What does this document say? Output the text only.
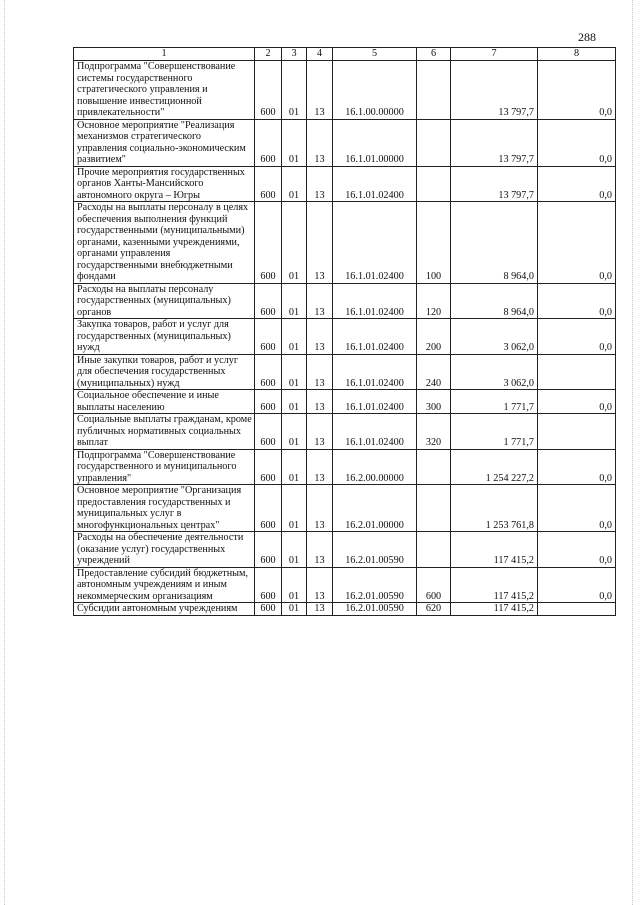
288
1	2	3	4	5	6	7	8
Подпрограмма "Совершенствование системы государственного стратегического управления и повышение инвестиционной привлекательности"	600	01	13	16.1.00.00000		13 797,7	0,0
Основное мероприятие "Реализация механизмов стратегического управления социально-экономическим развитием"	600	01	13	16.1.01.00000		13 797,7	0,0
Прочие мероприятия государственных органов Ханты-Мансийского автономного округа – Югры	600	01	13	16.1.01.02400		13 797,7	0,0
Расходы на выплаты персоналу в целях обеспечения выполнения функций государственными (муниципальными) органами, казенными учреждениями, органами управления государственными внебюджетными фондами	600	01	13	16.1.01.02400	100	8 964,0	0,0
Расходы на выплаты персоналу государственных (муниципальных) органов	600	01	13	16.1.01.02400	120	8 964,0	0,0
Закупка товаров, работ и услуг для государственных (муниципальных) нужд	600	01	13	16.1.01.02400	200	3 062,0	0,0
Иные закупки товаров, работ и услуг для обеспечения государственных (муниципальных) нужд	600	01	13	16.1.01.02400	240	3 062,0	
Социальное обеспечение и иные выплаты населению	600	01	13	16.1.01.02400	300	1 771,7	0,0
Социальные выплаты гражданам, кроме публичных нормативных социальных выплат	600	01	13	16.1.01.02400	320	1 771,7	
Подпрограмма "Совершенствование государственного и муниципального управления"	600	01	13	16.2.00.00000		1 254 227,2	0,0
Основное мероприятие "Организация предоставления государственных и муниципальных услуг в многофункциональных центрах"	600	01	13	16.2.01.00000		1 253 761,8	0,0
Расходы на обеспечение деятельности (оказание услуг) государственных учреждений	600	01	13	16.2.01.00590		117 415,2	0,0
Предоставление субсидий бюджетным, автономным учреждениям и иным некоммерческим организациям	600	01	13	16.2.01.00590	600	117 415,2	0,0
Субсидии автономным учреждениям	600	01	13	16.2.01.00590	620	117 415,2	
